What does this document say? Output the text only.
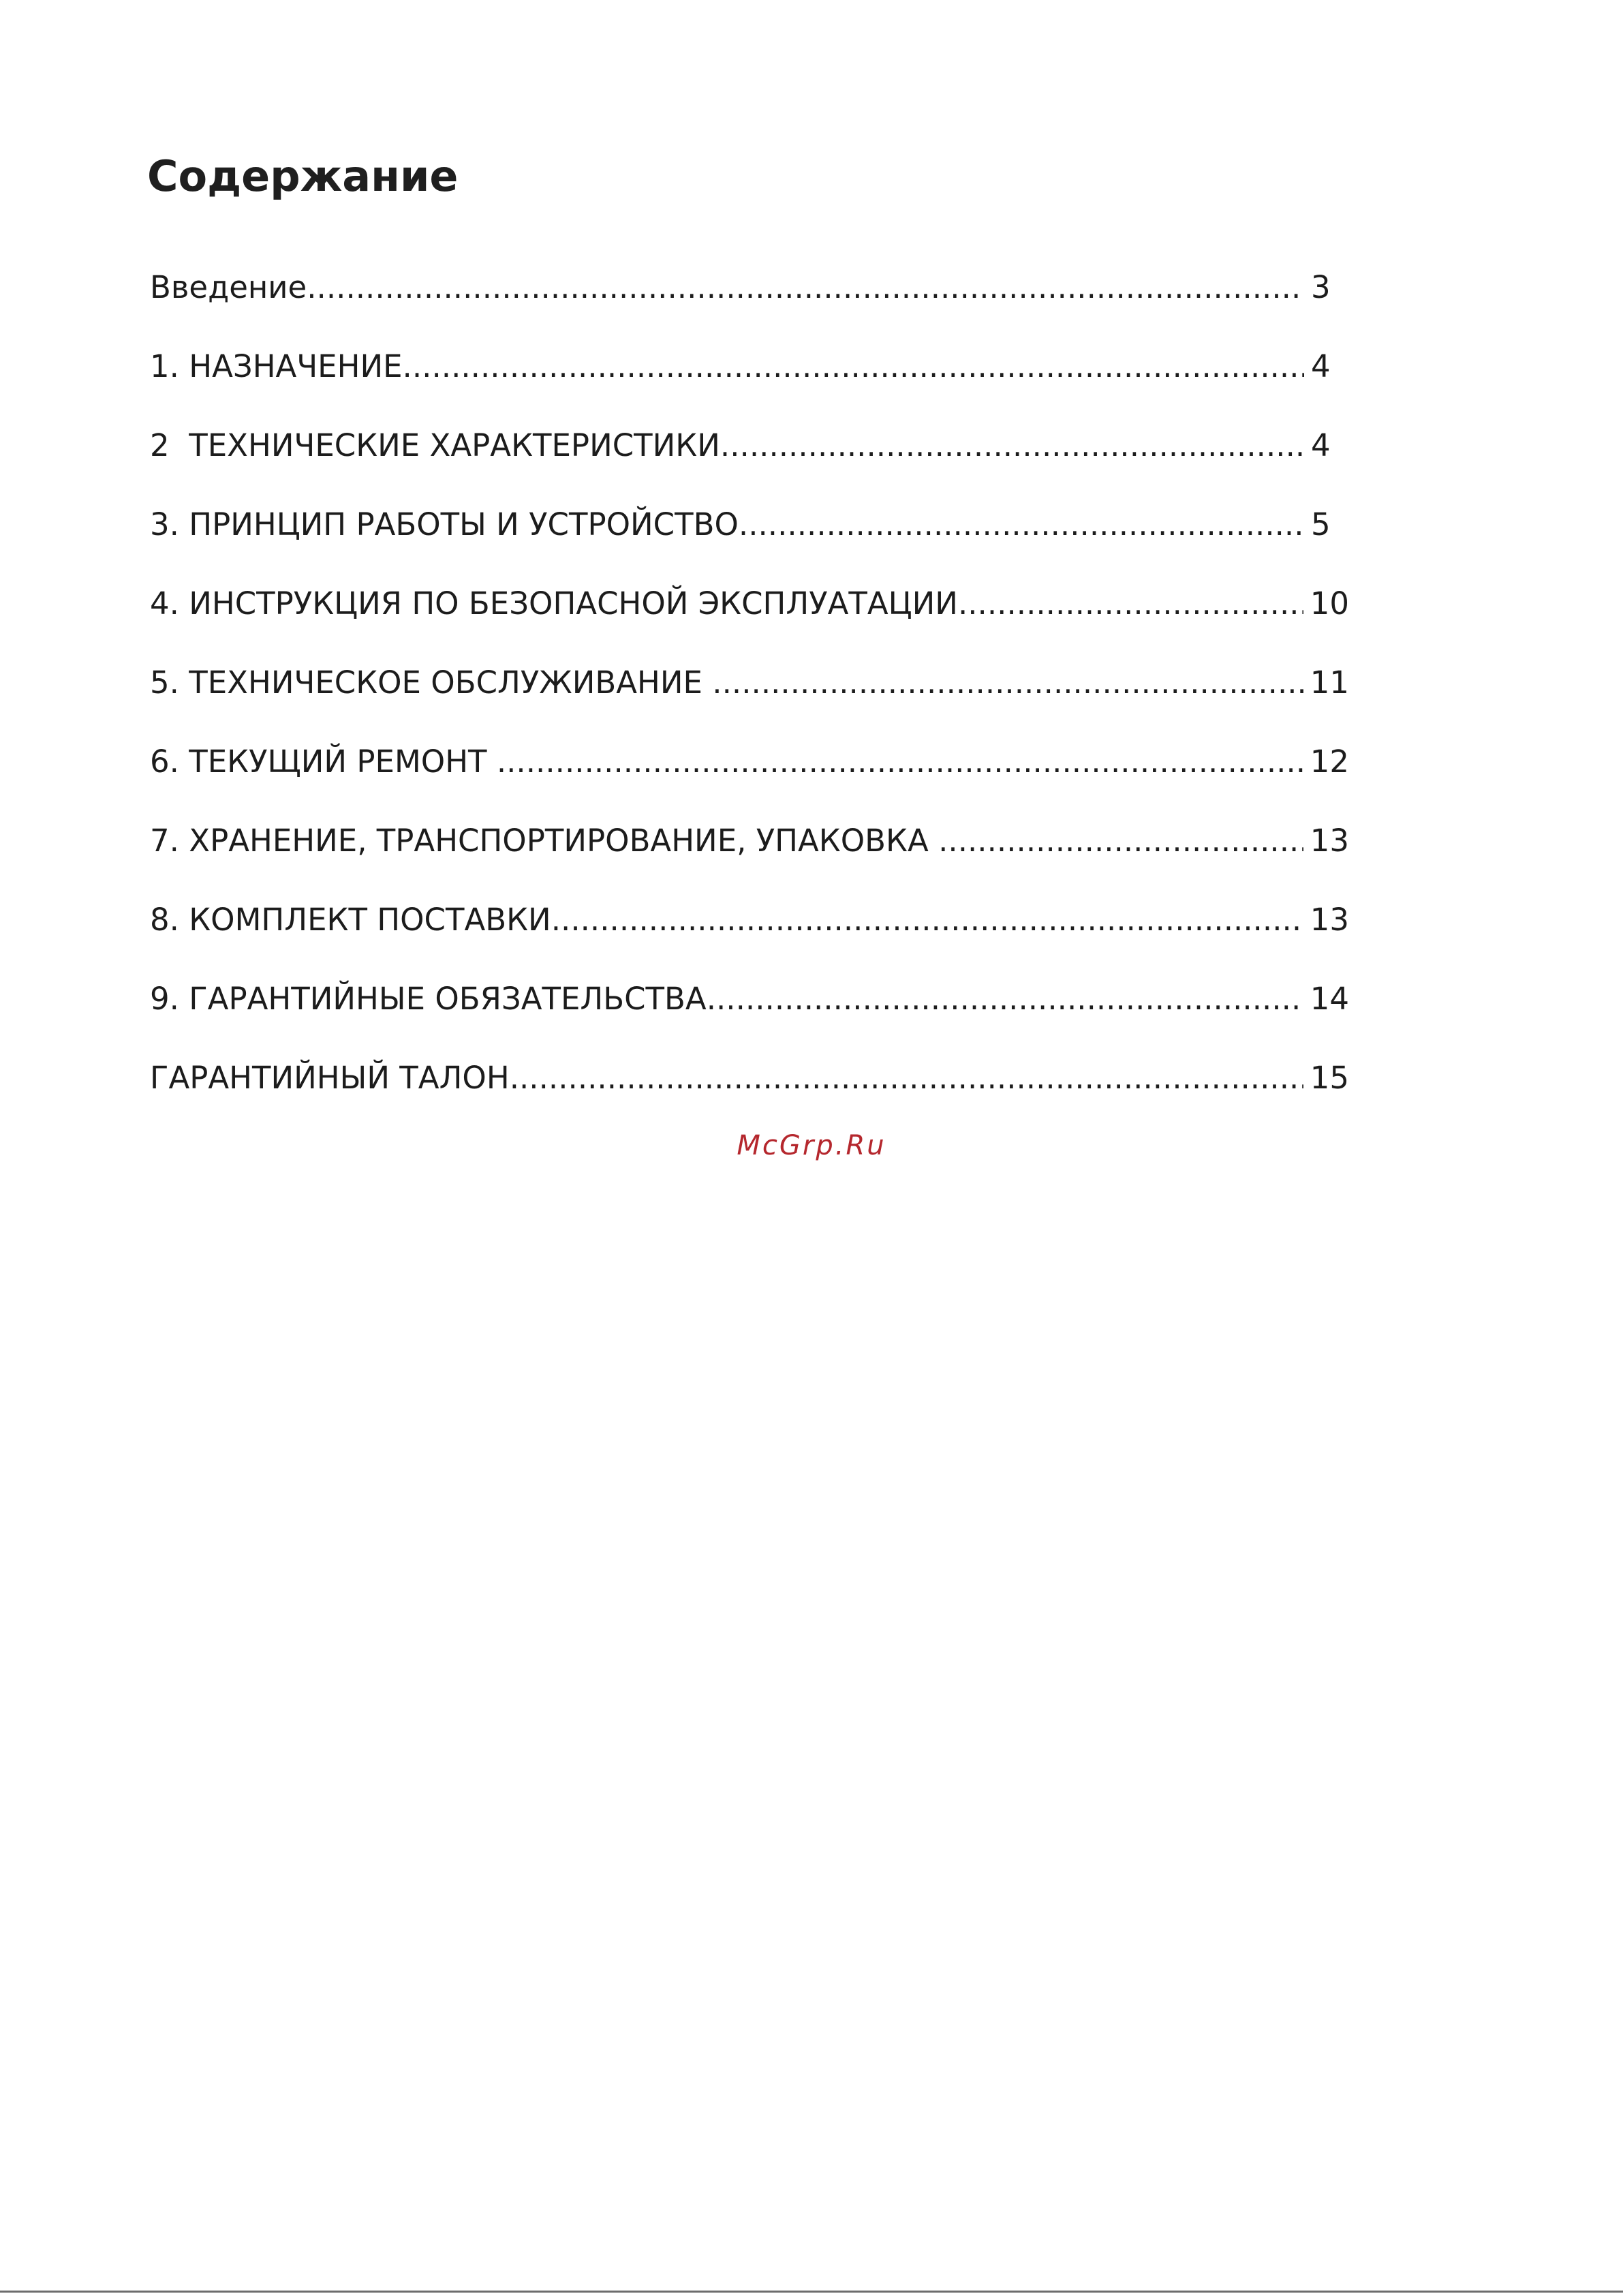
Содержание
Введение .....	3
1. НАЗНАЧЕНИЕ .....	4
2  ТЕХНИЧЕСКИЕ ХАРАКТЕРИСТИКИ .....	4
3. ПРИНЦИП РАБОТЫ И УСТРОЙСТВО .....	5
4. ИНСТРУКЦИЯ ПО БЕЗОПАСНОЙ ЭКСПЛУАТАЦИИ .....	10
5. ТЕХНИЧЕСКОЕ ОБСЛУЖИВАНИЕ .....	11
6. ТЕКУЩИЙ РЕМОНТ .....	12
7. ХРАНЕНИЕ, ТРАНСПОРТИРОВАНИЕ, УПАКОВКА .....	13
8. КОМПЛЕКТ ПОСТАВКИ .....	13
9. ГАРАНТИЙНЫЕ ОБЯЗАТЕЛЬСТВА .....	14
ГАРАНТИЙНЫЙ ТАЛОН .....	15
McGrp.Ru
